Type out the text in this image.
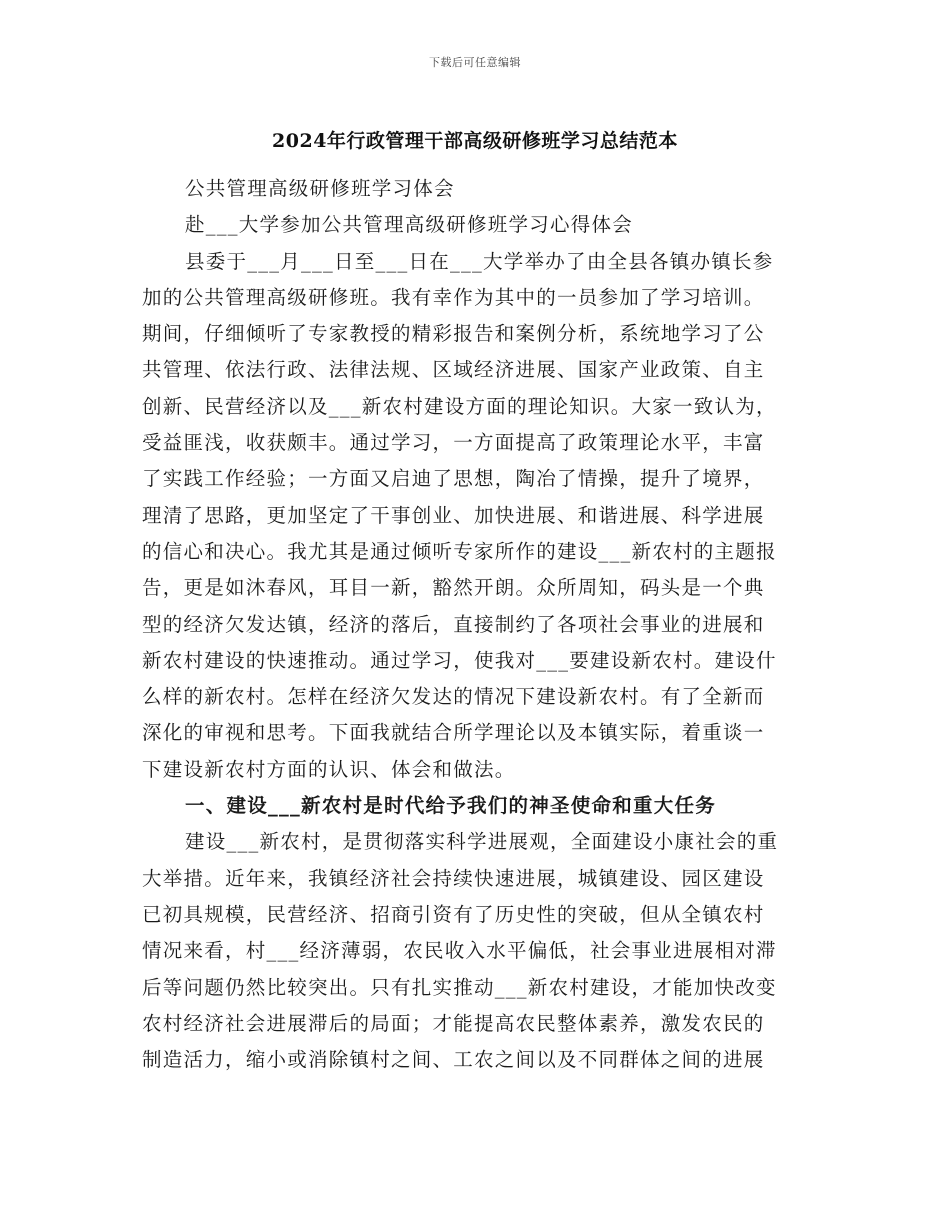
下载后可任意编辑
2024年行政管理干部高级研修班学习总结范本
公共管理高级研修班学习体会
赴___大学参加公共管理高级研修班学习心得体会
县委于___月___日至___日在___大学举办了由全县各镇办镇长参
加的公共管理高级研修班。我有幸作为其中的一员参加了学习培训。
期间，仔细倾听了专家教授的精彩报告和案例分析，系统地学习了公
共管理、依法行政、法律法规、区域经济进展、国家产业政策、自主
创新、民营经济以及___新农村建设方面的理论知识。大家一致认为，
受益匪浅，收获颇丰。通过学习，一方面提高了政策理论水平，丰富
了实践工作经验；一方面又启迪了思想，陶冶了情操，提升了境界，
理清了思路，更加坚定了干事创业、加快进展、和谐进展、科学进展
的信心和决心。我尤其是通过倾听专家所作的建设___新农村的主题报
告，更是如沐春风，耳目一新，豁然开朗。众所周知，码头是一个典
型的经济欠发达镇，经济的落后，直接制约了各项社会事业的进展和
新农村建设的快速推动。通过学习，使我对___要建设新农村。建设什
么样的新农村。怎样在经济欠发达的情况下建设新农村。有了全新而
深化的审视和思考。下面我就结合所学理论以及本镇实际，着重谈一
下建设新农村方面的认识、体会和做法。
一、建设___新农村是时代给予我们的神圣使命和重大任务
建设___新农村，是贯彻落实科学进展观，全面建设小康社会的重
大举措。近年来，我镇经济社会持续快速进展，城镇建设、园区建设
已初具规模，民营经济、招商引资有了历史性的突破，但从全镇农村
情况来看，村___经济薄弱，农民收入水平偏低，社会事业进展相对滞
后等问题仍然比较突出。只有扎实推动___新农村建设，才能加快改变
农村经济社会进展滞后的局面；才能提高农民整体素养，激发农民的
制造活力，缩小或消除镇村之间、工农之间以及不同群体之间的进展
